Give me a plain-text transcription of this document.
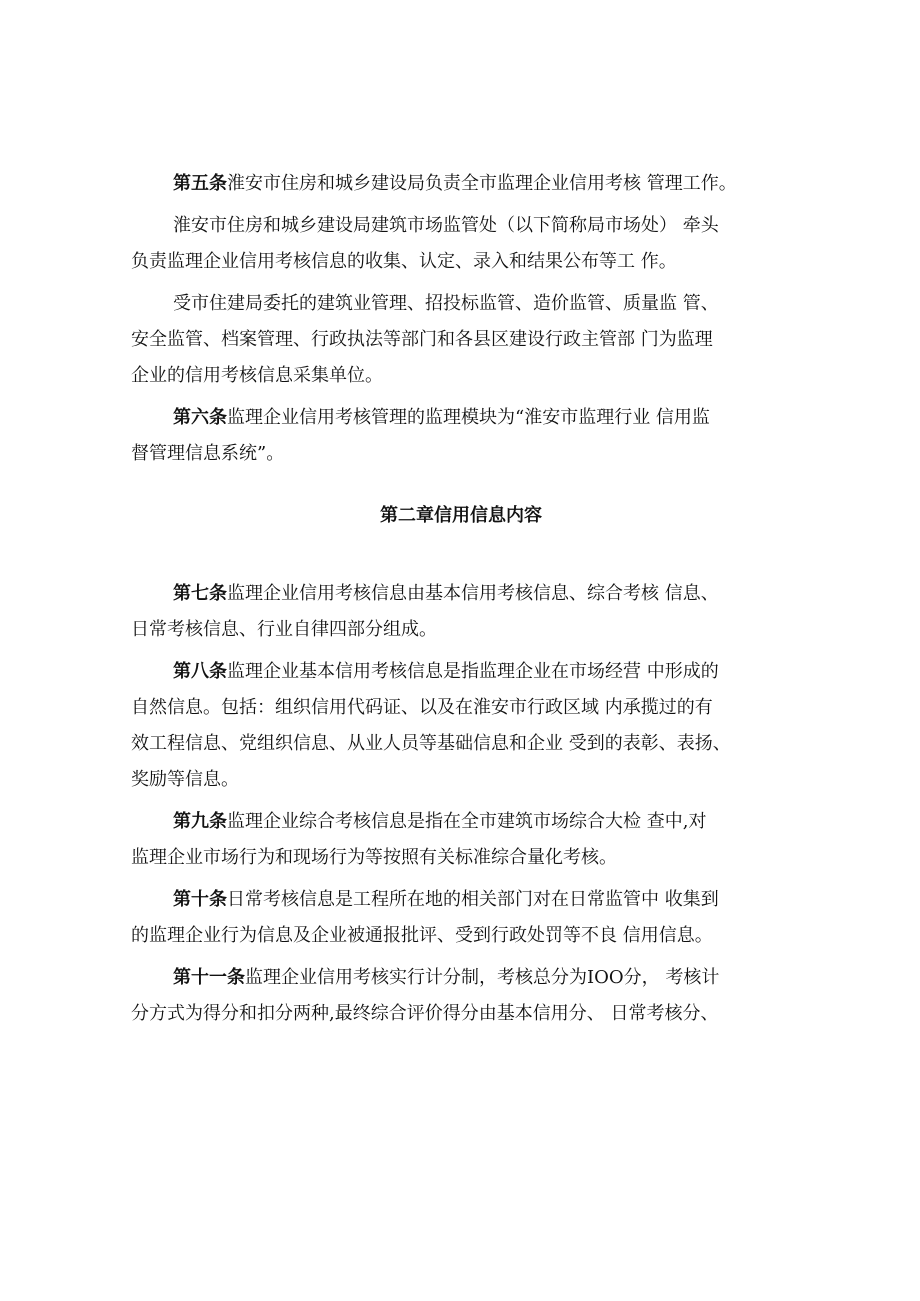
第五条淮安市住房和城乡建设局负责全市监理企业信用考核 管理工作。

淮安市住房和城乡建设局建筑市场监管处（以下简称局市场处） 牵头
负责监理企业信用考核信息的收集、认定、录入和结果公布等工 作。

受市住建局委托的建筑业管理、招投标监管、造价监管、质量监 管、
安全监管、档案管理、行政执法等部门和各县区建设行政主管部 门为监理
企业的信用考核信息采集单位。

第六条监理企业信用考核管理的监理模块为“淮安市监理行业 信用监
督管理信息系统”。

第二章信用信息内容

第七条监理企业信用考核信息由基本信用考核信息、综合考核 信息、
日常考核信息、行业自律四部分组成。

第八条监理企业基本信用考核信息是指监理企业在市场经营 中形成的
自然信息。包括：组织信用代码证、以及在淮安市行政区域 内承揽过的有
效工程信息、党组织信息、从业人员等基础信息和企业 受到的表彰、表扬、
奖励等信息。

第九条监理企业综合考核信息是指在全市建筑市场综合大检 查中,对
监理企业市场行为和现场行为等按照有关标准综合量化考核。

第十条日常考核信息是工程所在地的相关部门对在日常监管中 收集到
的监理企业行为信息及企业被通报批评、受到行政处罚等不良 信用信息。

第十一条监理企业信用考核实行计分制，考核总分为IOO分， 考核计
分方式为得分和扣分两种,最终综合评价得分由基本信用分、 日常考核分、
